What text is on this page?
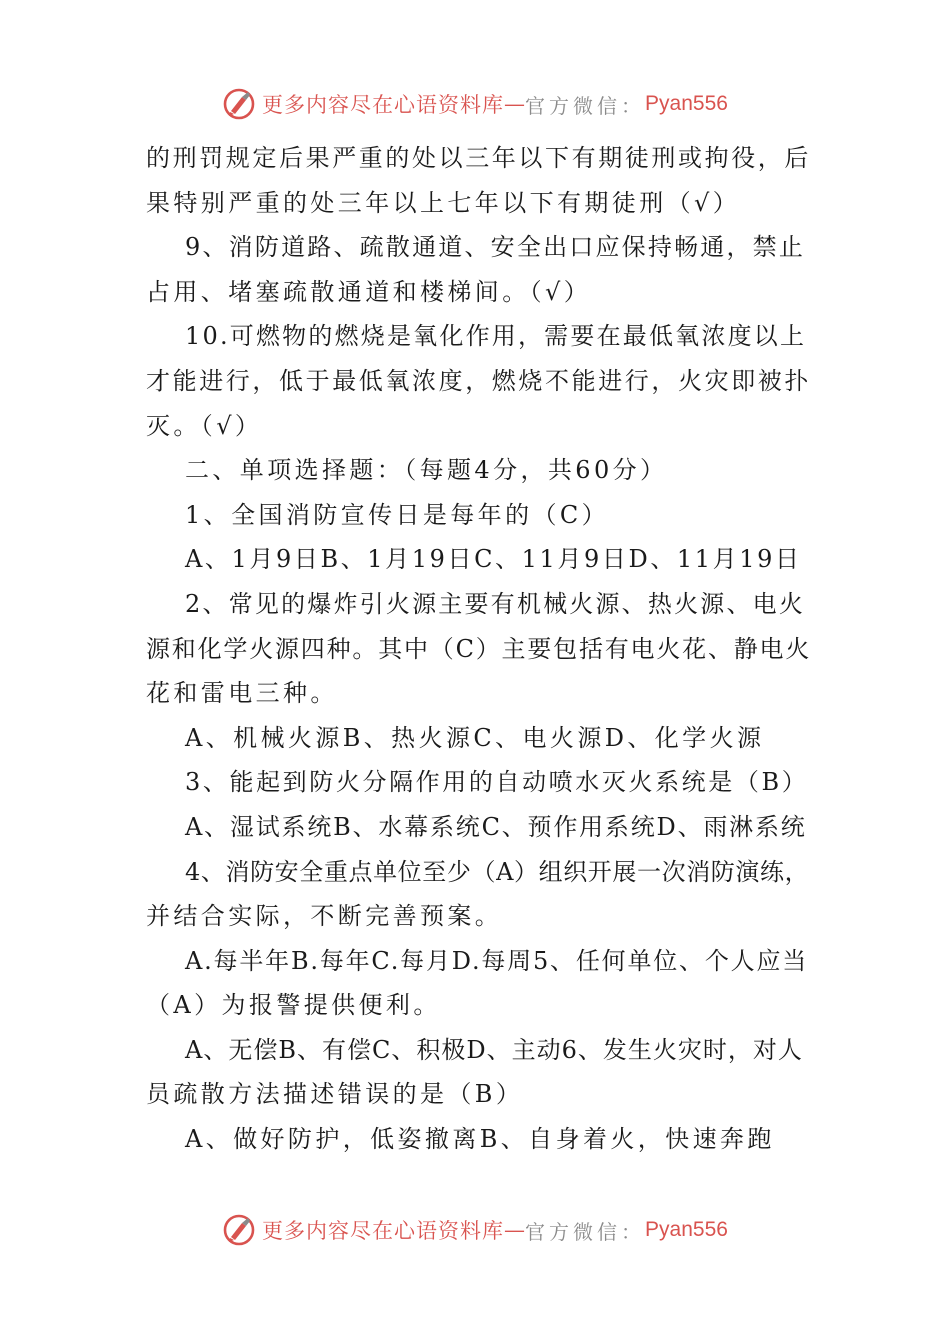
更多内容尽在心语资料库 — 官方微信： Pyan556
的刑罚规定后果严重的处以三年以下有期徒刑或拘役，后
果特别严重的处三年以上七年以下有期徒刑（√）
9、消防道路、疏散通道、安全出口应保持畅通，禁止
占用、堵塞疏散通道和楼梯间。（√）
10.可燃物的燃烧是氧化作用，需要在最低氧浓度以上
才能进行，低于最低氧浓度，燃烧不能进行，火灾即被扑
灭。（√）
二、单项选择题：（每题4分，共60分）
1、全国消防宣传日是每年的（C）
A、1月9日B、1月19日C、11月9日D、11月19日
2、常见的爆炸引火源主要有机械火源、热火源、电火
源和化学火源四种。其中（C）主要包括有电火花、静电火
花和雷电三种。
A、机械火源B、热火源C、电火源D、化学火源
3、能起到防火分隔作用的自动喷水灭火系统是（B）
A、湿试系统B、水幕系统C、预作用系统D、雨淋系统
4、消防安全重点单位至少（A）组织开展一次消防演练，
并结合实际，不断完善预案。
A.每半年B.每年C.每月D.每周5、任何单位、个人应当
（A）为报警提供便利。
A、无偿B、有偿C、积极D、主动6、发生火灾时，对人
员疏散方法描述错误的是（B）
A、做好防护，低姿撤离B、自身着火，快速奔跑
更多内容尽在心语资料库 — 官方微信： Pyan556
